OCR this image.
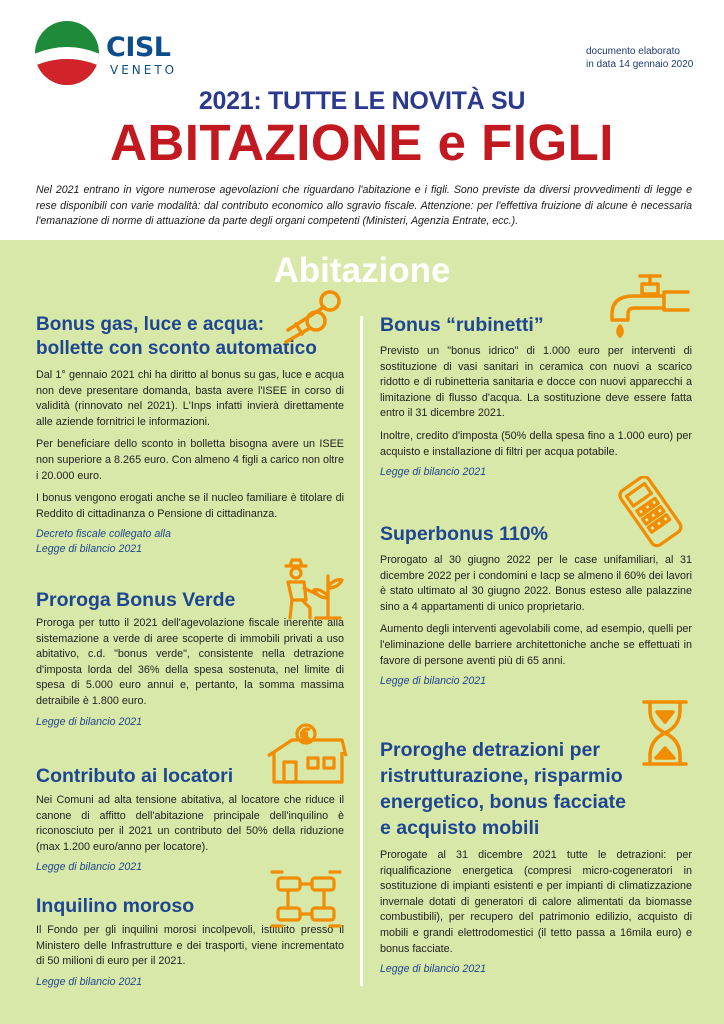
CISL
VENETO
documento elaborato
in data 14 gennaio 2020
2021: TUTTE LE NOVITÀ SU
ABITAZIONE e FIGLI
Nel 2021 entrano in vigore numerose agevolazioni che riguardano l'abitazione e i figli. Sono previste da diversi provvedimenti di legge e rese disponibili con varie modalità: dal contributo economico allo sgravio fiscale. Attenzione: per l'effettiva fruizione di alcune è necessaria l'emanazione di norme di attuazione da parte degli organi competenti (Ministeri, Agenzia Entrate, ecc.).
Abitazione
Bonus gas, luce e acqua:
bollette con sconto automatico

Dal 1° gennaio 2021 chi ha diritto al bonus su gas, luce e acqua non deve presentare domanda, basta avere l'ISEE in corso di validità (rinnovato nel 2021). L'Inps infatti invierà direttamente alle aziende fornitrici le informazioni.

Per beneficiare dello sconto in bolletta bisogna avere un ISEE non superiore a 8.265 euro. Con almeno 4 figli a carico non oltre i 20.000 euro.

I bonus vengono erogati anche se il nucleo familiare è titolare di Reddito di cittadinanza o Pensione di cittadinanza.

Decreto fiscale collegato alla
Legge di bilancio 2021
Proroga Bonus Verde

Proroga per tutto il 2021 dell'agevolazione fiscale inerente alla sistemazione a verde di aree scoperte di immobili privati a uso abitativo, c.d. "bonus verde", consistente nella detrazione d'imposta lorda del 36% della spesa sostenuta, nel limite di spesa di 5.000 euro annui e, pertanto, la somma massima detraibile è 1.800 euro.

Legge di bilancio 2021
Contributo ai locatori

Nei Comuni ad alta tensione abitativa, al locatore che riduce il canone di affitto dell'abitazione principale dell'inquilino è riconosciuto per il 2021 un contributo del 50% della riduzione (max 1.200 euro/anno per locatore).

Legge di bilancio 2021
Inquilino moroso

Il Fondo per gli inquilini morosi incolpevoli, istituito presso il Ministero delle Infrastrutture e dei trasporti, viene incrementato di 50 milioni di euro per il 2021.

Legge di bilancio 2021
Bonus “rubinetti”

Previsto un "bonus idrico" di 1.000 euro per interventi di sostituzione di vasi sanitari in ceramica con nuovi a scarico ridotto e di rubinetteria sanitaria e docce con nuovi apparecchi a limitazione di flusso d'acqua. La sostituzione deve essere fatta entro il 31 dicembre 2021.

Inoltre, credito d'imposta (50% della spesa fino a 1.000 euro) per acquisto e installazione di filtri per acqua potabile.

Legge di bilancio 2021
Superbonus 110%

Prorogato al 30 giugno 2022 per le case unifamiliari, al 31 dicembre 2022 per i condomini e Iacp se almeno il 60% dei lavori è stato ultimato al 30 giugno 2022. Bonus esteso alle palazzine sino a 4 appartamenti di unico proprietario.

Aumento degli interventi agevolabili come, ad esempio, quelli per l'eliminazione delle barriere architettoniche anche se effettuati in favore di persone aventi più di 65 anni.

Legge di bilancio 2021
Proroghe detrazioni per
ristrutturazione, risparmio
energetico, bonus facciate
e acquisto mobili

Prorogate al 31 dicembre 2021 tutte le detrazioni: per riqualificazione energetica (compresi micro-cogeneratori in sostituzione di impianti esistenti e per impianti di climatizzazione invernale dotati di generatori di calore alimentati da biomasse combustibili), per recupero del patrimonio edilizio, acquisto di mobili e grandi elettrodomestici (il tetto passa a 16mila euro) e bonus facciate.

Legge di bilancio 2021
